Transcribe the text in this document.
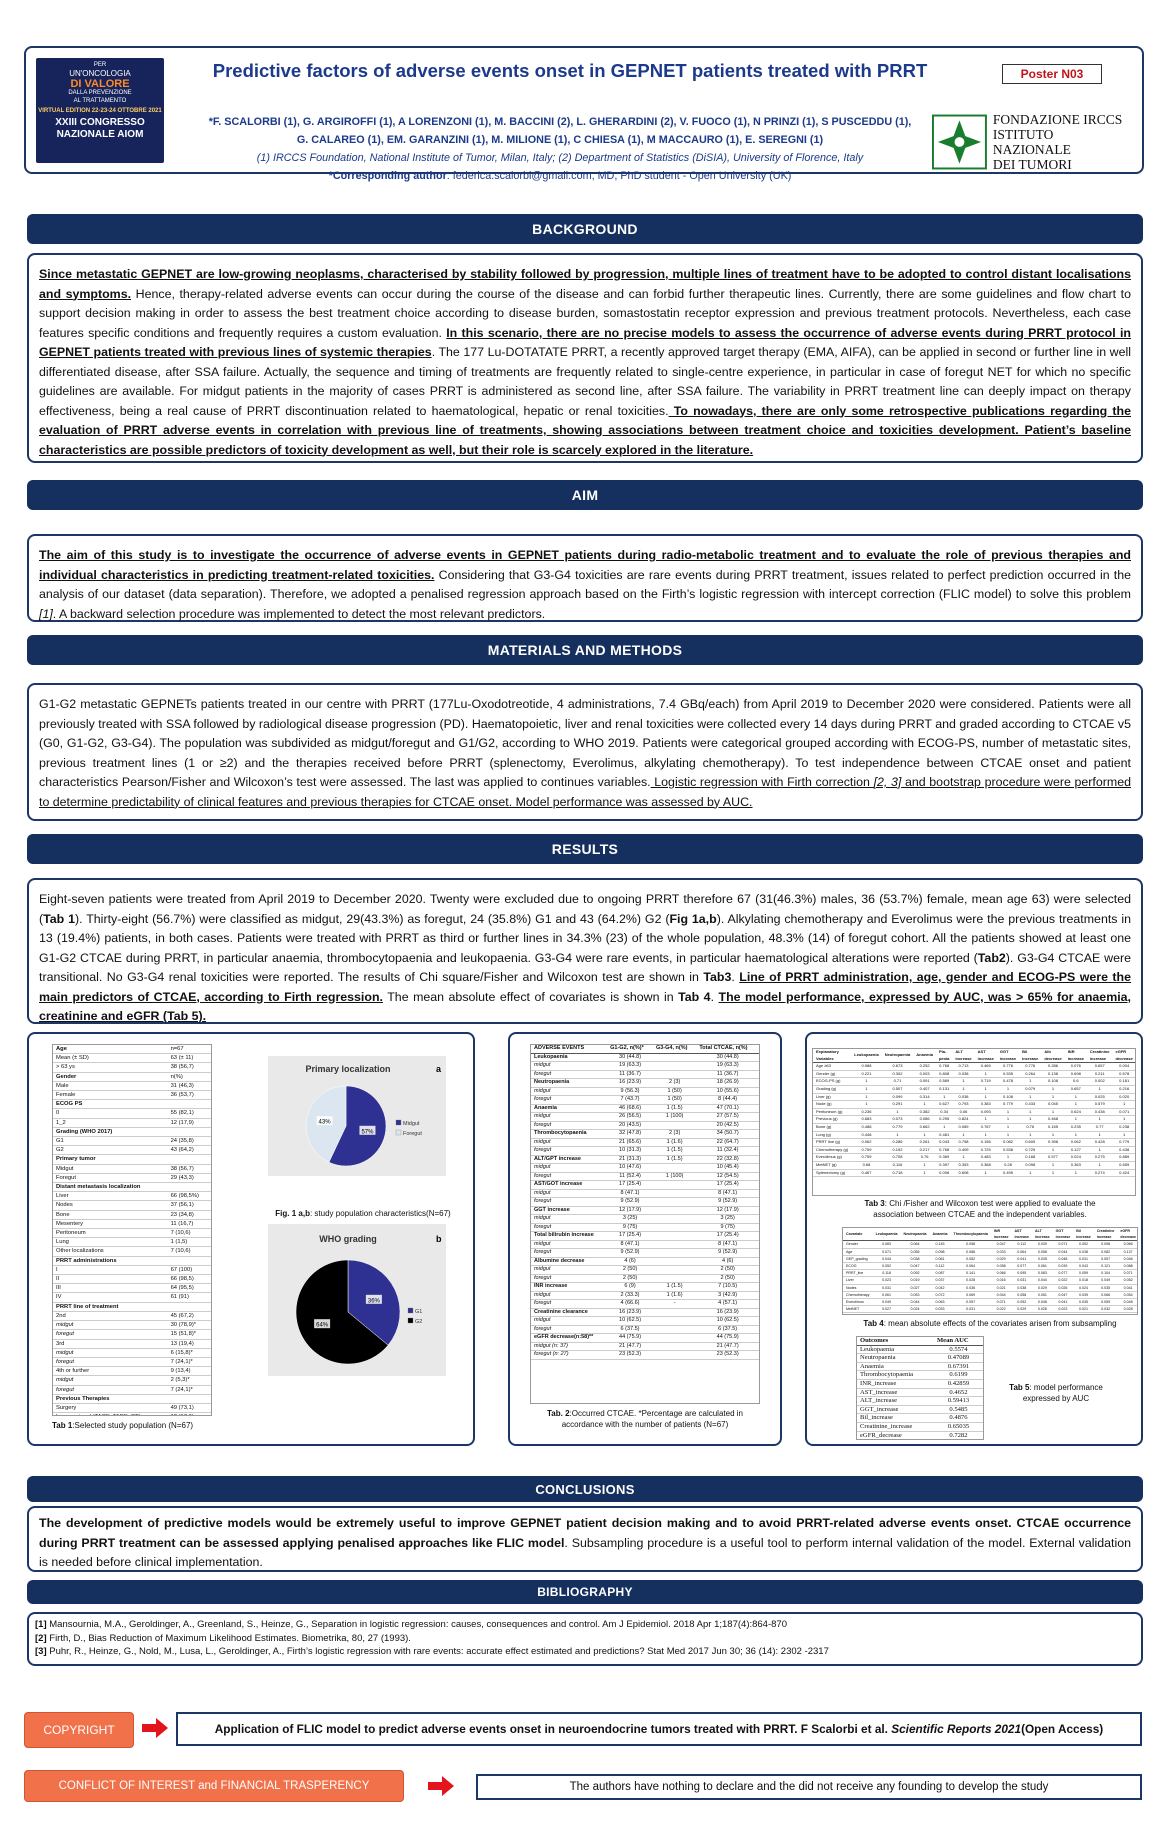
PER
UN'ONCOLOGIA
DI VALORE
DALLA PREVENZIONE
AL TRATTAMENTO
VIRTUAL EDITION 22-23-24 OTTOBRE 2021
XXIII CONGRESSO NAZIONALE AIOM
Predictive factors of adverse events onset in GEPNET patients treated with PRRT	Poster N03
*F. SCALORBI (1), G. ARGIROFFI (1), A LORENZONI (1), M. BACCINI (2), L. GHERARDINI (2), V. FUOCO (1), N PRINZI (1), S PUSCEDDU (1),
G. CALAREO (1), EM. GARANZINI (1), M. MILIONE (1), C CHIESA (1), M MACCAURO (1), E. SEREGNI (1)
(1) IRCCS Foundation, National Institute of Tumor, Milan, Italy; (2) Department of Statistics (DiSIA), University of Florence, Italy
*Corresponding author: federica.scalorbi@gmail.com, MD, PhD student - Open University (UK)
FONDAZIONE IRCCS
ISTITUTO NAZIONALE
DEI TUMORI
BACKGROUND
Since metastatic GEPNET are low-growing neoplasms, characterised by stability followed by progression, multiple lines of treatment have to be adopted to control distant localisations and symptoms. Hence, therapy-related adverse events can occur during the course of the disease and can forbid further therapeutic lines. Currently, there are some guidelines and flow chart to support decision making in order to assess the best treatment choice according to disease burden, somastostatin receptor expression and previous treatment protocols. Nevertheless, each case features specific conditions and frequently requires a custom evaluation. In this scenario, there are no precise models to assess the occurrence of adverse events during PRRT protocol in GEPNET patients treated with previous lines of systemic therapies. The 177 Lu-DOTATATE PRRT, a recently approved target therapy (EMA, AIFA), can be applied in second or further line in well differentiated disease, after SSA failure. Actually, the sequence and timing of treatments are frequently related to single-centre experience, in particular in case of foregut NET for which no specific guidelines are available. For midgut patients in the majority of cases PRRT is administered as second line, after SSA failure. The variability in PRRT treatment line can deeply impact on therapy effectiveness, being a real cause of PRRT discontinuation related to haematological, hepatic or renal toxicities. To nowadays, there are only some retrospective publications regarding the evaluation of PRRT adverse events in correlation with previous line of treatments, showing associations between treatment choice and toxicities development. Patient’s baseline characteristics are possible predictors of toxicity development as well, but their role is scarcely explored in the literature.
AIM
The aim of this study is to investigate the occurrence of adverse events in GEPNET patients during radio-metabolic treatment and to evaluate the role of previous therapies and individual characteristics in predicting treatment-related toxicities. Considering that G3-G4 toxicities are rare events during PRRT treatment, issues related to perfect prediction occurred in the analysis of our dataset (data separation). Therefore, we adopted a penalised regression approach based on the Firth’s logistic regression with intercept correction (FLIC model) to solve this problem [1]. A backward selection procedure was implemented to detect the most relevant predictors.
MATERIALS AND METHODS
G1-G2 metastatic GEPNETs patients treated in our centre with PRRT (177Lu-Oxodotreotide, 4 administrations, 7.4 GBq/each) from April 2019 to December 2020 were considered. Patients were all previously treated with SSA followed by radiological disease progression (PD). Haematopoietic, liver and renal toxicities were collected every 14 days during PRRT and graded according to CTCAE v5 (G0, G1-G2, G3-G4). The population was subdivided as midgut/foregut and G1/G2, according to WHO 2019. Patients were categorical grouped according with ECOG-PS, number of metastatic sites, previous treatment lines (1 or ≥2) and the therapies received before PRRT (splenectomy, Everolimus, alkylating chemotherapy). To test independence between CTCAE onset and patient characteristics Pearson/Fisher and Wilcoxon’s test were assessed. The last was applied to continues variables. Logistic regression with Firth correction [2, 3] and bootstrap procedure were performed to determine predictability of clinical features and previous therapies for CTCAE onset. Model performance was assessed by AUC.
RESULTS
Eight-seven patients were treated from April 2019 to December 2020. Twenty were excluded due to ongoing PRRT therefore 67 (31(46.3%) males, 36 (53.7%) female, mean age 63) were selected (Tab 1). Thirty-eight (56.7%) were classified as midgut, 29(43.3%) as foregut, 24 (35.8%) G1 and 43 (64.2%) G2 (Fig 1a,b). Alkylating chemotherapy and Everolimus were the previous treatments in 13 (19.4%) patients, in both cases. Patients were treated with PRRT as third or further lines in 34.3% (23) of the whole population, 48.3% (14) of foregut cohort. All the patients showed at least one G1-G2 CTCAE during PRRT, in particular anaemia, thrombocytopaenia and leukopaenia. G3-G4 were rare events, in particular haematological alterations were reported (Tab2). G3-G4 CTCAE were transitional. No G3-G4 renal toxicities were reported. The results of Chi square/Fisher and Wilcoxon test are shown in Tab3. Line of PRRT administration, age, gender and ECOG-PS were the main predictors of CTCAE, according to Firth regression. The mean absolute effect of covariates is shown in Tab 4. The model performance, expressed by AUC, was > 65% for anaemia, creatinine and eGFR (Tab 5).
Age	n=67
Mean (± SD)	63 (± 11)
> 63 ys	38 (56,7)
Gender	n(%)
Male	31 (46,3)
Female	36 (53,7)
ECOG PS	
0	55 (82,1)
1_2	12 (17,9)
Grading (WHO 2017)	
G1	24 (35,8)
G2	43 (64,2)
Primary tumor	
Midgut	38 (56,7)
Foregut	29 (43,3)
Distant metastasis localization	
Liver	66 (98,5%)
Nodes	37 (56,1)
Bone	23 (34,8)
Mesentery	11 (16,7)
Peritoneum	7 (10,6)
Lung	1 (1,5)
Other localizations	7 (10,6)
PRRT administrations	
I	67 (100)
II	66 (98,5)
III	64 (95,5)
IV	61 (91)
PRRT line of treatment	
2nd	45 (67,2)
midgut	30 (78,9)*
foregut	15 (51,8)*
3rd	13 (19,4)
midgut	6 (15,8)*
foregut	7 (24,1)*
4th or further	9 (13,4)
midgut	2 (5,3)*
foregut	7 (24,1)*
Previous Therapies	
Surgery	49 (73,1)

Tab 1:Selected study population (N=67)
Primary localization	a
57%
43%	Midgut
Foregut
Fig. 1 a,b: study population characteristics(N=67)
WHO grading	b
36%
64%
G1
G2
ADVERSE EVENTS	G1-G2, n(%)*	G3-G4, n(%)	Total CTCAE, n(%)
Leukopaenia	30 (44.8)		30 (44.8)
midgut	19 (63.3)		19 (63.3)
foregut	11 (36.7)		11 (36.7)
Neutropaenia	16 (23.9)	2 (3)	18 (26.9)
midgut	9 (56.3)	1 (50)	10 (55.6)
foregut	7 (43.7)	1 (50)	8 (44.4)
Anaemia	46 (68.6)	1 (1.5)	47 (70.1)
midgut	26 (56.5)	1 (100)	27 (57.5)
foregut	20 (43.5)		20 (42.5)
Thrombocytopaenia	32 (47.8)	2 (3)	34 (50.7)
midgut	21 (65.6)	1 (1.6)	22 (64.7)
foregut	10 (31.3)	1 (1.5)	11 (32.4)
ALT/GPT increase	21 (31.3)	1 (1.5)	22 (32.8)
midgut	10 (47.6)		10 (45.4)
foregut	11 (52.4)	1 (100)	12 (54.5)
AST/GOT increase	17 (25.4)		17 (25.4)
midgut	8 (47.1)		8 (47.1)
foregut	9 (52.9)		9 (52.9)
GGT increase	12 (17.9)		12 (17.9)
midgut	3 (25)		3 (25)
foregut	9 (75)		9 (75)
Total bilirubin increase	17 (25.4)		17 (25.4)
midgut	8 (47.1)		8 (47.1)
foregut	9 (52.9)		9 (52.9)
Albumine decrease	4 (6)		4 (6)
midgut	2 (50)		2 (50)
foregut	2 (50)		2 (50)
INR increase	6 (9)	1 (1.5)	7 (10.5)
midgut	2 (33.3)	1 (1.6)	3 (42.9)
foregut	4 (66.6)	-	4 (57.1)
Creatinine clearance	16 (23.9)		16 (23.9)
midgut	10 (62.5)		10 (62.5)
foregut	6 (37.5)		6 (37.5)
eGFR decrease(n:58)**	44 (75.9)		44 (75.9)
midgut (n: 37)	21 (47.7)		21 (47.7)
foregut (n: 27)	23 (52.3)		23 (52.3)
Tab. 2:Occurred CTCAE. *Percentage are calculated in accordance with the number of patients (N=67)
Explanatory Variables	Leukopaenia	Neutropaenia	Anaemia	Pia-penia	ALT increase	AST increase	GGT increase	Bil increase	Alb decrease	INR increase	Creatinine increase	eGFR decrease
Age ≥63	0.988	0.673	0.252	0.768	0.713	0.469	0.776	0.776	0.286	0.076	0.657	0.004
Gender (g)	0.221	0.302	0.003	0.808	0.038	1	0.535	0.264	0.138	0.698	0.211	0.578
ECOG-PS (g)	1	0.71	0.091	0.569	1	0.719	0.478	1	0.108	0.6	0.002	0.161
Grading (g)	1	0.507	0.407	0.131	1	1	1	0.079	1	0.657	1	0.216
Liver (g)	1	0.099	0.314	1	0.038	1	0.108	1	1	1	0.025	0.020
Node (g)	1	0.291	1	0.627	0.793	0.383	0.779	0.433	0.045	1	0.579	1
Peritoneum (g)	0.236	1	0.382	0.34	0.06	0.093	1	1	1	0.624	0.438	0.071
Previous (g)	0.683	0.073	0.086	0.295	0.824	1	1	1	0.468	1	1	1
Bone (g)	0.488	0.779	0.662	1	0.089	0.767	1	0.76	0.155	0.235	0.77	0.238
Lung (g)	0.448	1	1	0.481	1	1	1	1	1	1	1	1
PRRT line (g)	0.062	0.286	0.261	0.043	0.758	0.156	0.082	0.605	0.398	0.062	0.428	0.779
Chemotherapy (g)	0.759	0.152	0.217	0.768	0.409	0.725	0.538	0.725	1	0.127	1	0.438
Everolimus (g)	0.759	0.708	0.76	0.369	1	0.483	1	0.168	0.577	0.024	0.275	0.889
MetNET (g)	0.68	0.116	1	0.397	0.353	0.368	0.28	0.098	1	0.363	1	0.659
Splenectomy (g)	0.467	0.718	1	0.006	0.608	1	0.495	1	1	1	0.274	0.424
Tab 3: Chi /Fisher and Wilcoxon test were applied to evaluate the association between CTCAE and the independent variables.
Covariate	Leukopaenia	Neutropaenia	Anaemia	Thrombocytopaenia	INR increase	AST increase	ALT increase	GGT increase	Bil increase	Creatinine increase	eGFR decrease	
Gender	0.083	0.064	0.145	0.058	0.047	0.112	0.039	0.071	0.052	0.098	0.066	
Age	0.071	0.055	0.098	0.086	0.033	0.064	0.058	0.044	0.038	0.082	0.137	
GEP_grading	0.044	0.038	0.061	0.052	0.029	0.041	0.035	0.048	0.031	0.057	0.046	
ECOG	0.052	0.047	0.112	0.064	0.058	0.077	0.061	0.039	0.043	0.121	0.088	
PRRT_line	0.118	0.092	0.087	0.141	0.066	0.095	0.083	0.077	0.059	0.104	0.071	
Liver	0.023	0.019	0.037	0.028	0.016	0.031	0.044	0.022	0.018	0.049	0.052	
Nodes	0.031	0.027	0.042	0.036	0.021	0.038	0.029	0.026	0.024	0.035	0.041	
Chemotherapy	0.061	0.053	0.072	0.069	0.044	0.058	0.051	0.047	0.039	0.066	0.054	
Everolimus	0.049	0.044	0.063	0.057	0.071	0.052	0.046	0.041	0.035	0.059	0.048	
MetNET	0.027	0.024	0.033	0.031	0.022	0.029	0.026	0.023	0.021	0.032	0.028	

Tab 4: mean absolute effects of the covariates arisen from subsampling
Outcomes	Mean AUC
Leukopaenia	0.5574
Neutropaenia	0.47089
Anaemia	0.67391
Thrombocytopaenia	0.6199
INR_increase	0.42859
AST_increase	0.4652
ALT_increase	0.59413
GGT_increase	0.5485
Bil_increase	0.4876
Creatinine_increase	0.65035
eGFR_decrease	0.7282

Tab 5: model performance expressed by AUC
CONCLUSIONS
The development of predictive models would be extremely useful to improve GEPNET patient decision making and to avoid PRRT-related adverse events onset. CTCAE occurrence during PRRT treatment can be assessed applying penalised approaches like FLIC model. Subsampling procedure is a useful tool to perform internal validation of the model. External validation is needed before clinical implementation.
BIBLIOGRAPHY
[1] Mansournia, M.A., Geroldinger, A., Greenland, S., Heinze, G., Separation in logistic regression: causes, consequences and control. Am J Epidemiol. 2018 Apr 1;187(4):864-870
[2] Firth, D., Bias Reduction of Maximum Likelihood Estimates. Biometrika, 80, 27 (1993).
[3] Puhr, R., Heinze, G., Nold, M., Lusa, L., Geroldinger, A., Firth’s logistic regression with rare events: accurate effect estimated and predictions? Stat Med 2017 Jun 30; 36 (14): 2302 -2317
COPYRIGHT	Application of FLIC model to predict adverse events onset in neuroendocrine tumors treated with PRRT. F Scalorbi et al.
Scientific Reports 2021 (Open Access)
CONFLICT OF INTEREST and FINANCIAL TRASPERENCY	The authors have nothing to declare and the did not receive any founding to develop the study
